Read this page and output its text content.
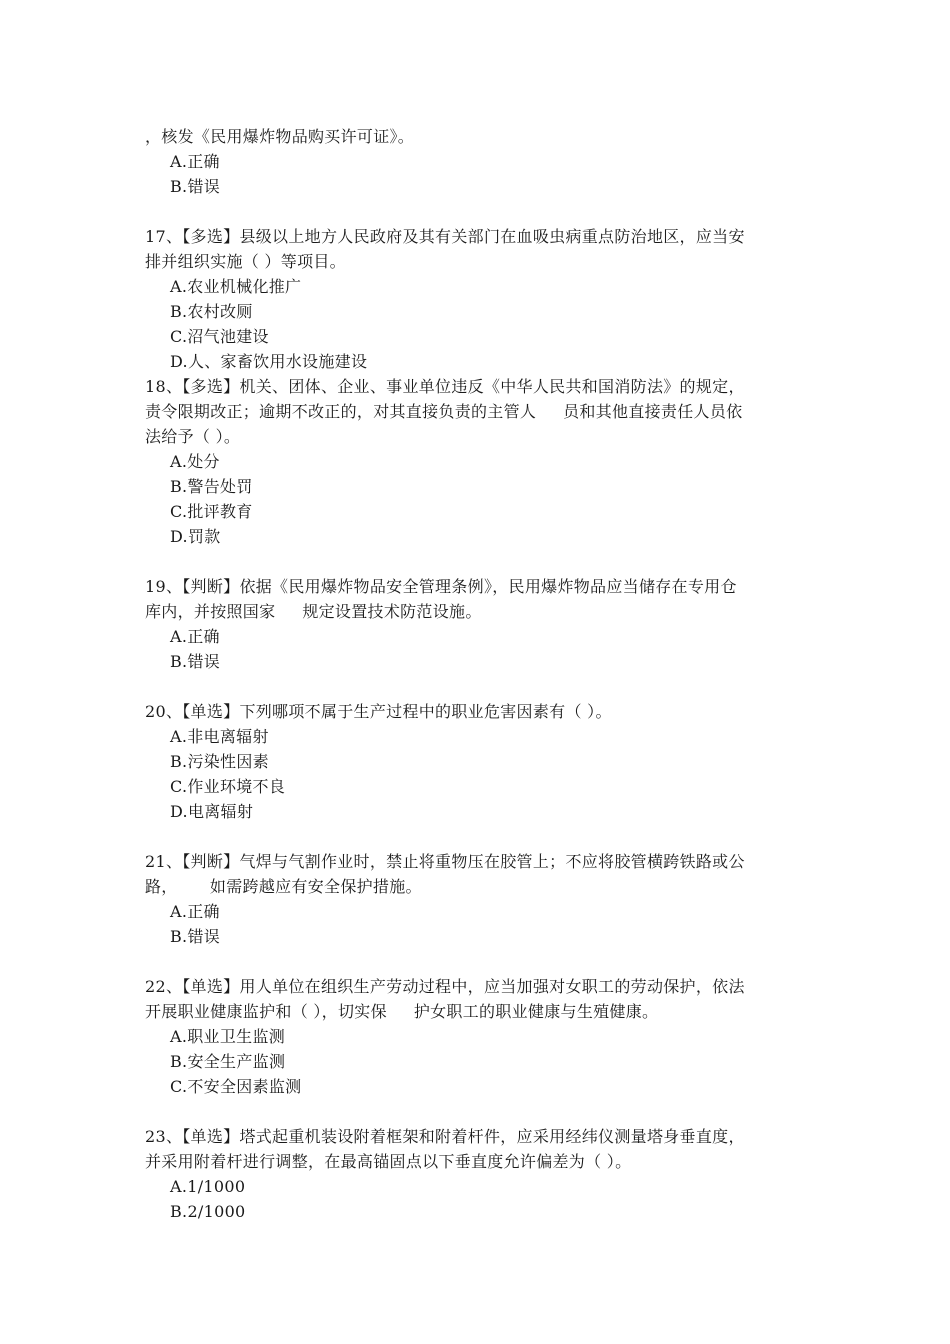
，核发《民用爆炸物品购买许可证》。
A.正确
B.错误
17、【多选】县级以上地方人民政府及其有关部门在血吸虫病重点防治地区，应当安
排并组织实施（ ）等项目。
A.农业机械化推广
B.农村改厕
C.沼气池建设
D.人、家畜饮用水设施建设
18、【多选】机关、团体、企业、事业单位违反《中华人民共和国消防法》的规定，
责令限期改正；逾期不改正的，对其直接负责的主管人     员和其他直接责任人员依
法给予（ ）。
A.处分
B.警告处罚
C.批评教育
D.罚款
19、【判断】依据《民用爆炸物品安全管理条例》，民用爆炸物品应当储存在专用仓
库内，并按照国家     规定设置技术防范设施。
A.正确
B.错误
20、【单选】下列哪项不属于生产过程中的职业危害因素有（ ）。
A.非电离辐射
B.污染性因素
C.作业环境不良
D.电离辐射
21、【判断】气焊与气割作业时，禁止将重物压在胶管上；不应将胶管横跨铁路或公
路，      如需跨越应有安全保护措施。
A.正确
B.错误
22、【单选】用人单位在组织生产劳动过程中，应当加强对女职工的劳动保护，依法
开展职业健康监护和（ ），切实保     护女职工的职业健康与生殖健康。
A.职业卫生监测
B.安全生产监测
C.不安全因素监测
23、【单选】塔式起重机装设附着框架和附着杆件，应采用经纬仪测量塔身垂直度，
并采用附着杆进行调整，在最高锚固点以下垂直度允许偏差为（ ）。
A.1/1000
B.2/1000
